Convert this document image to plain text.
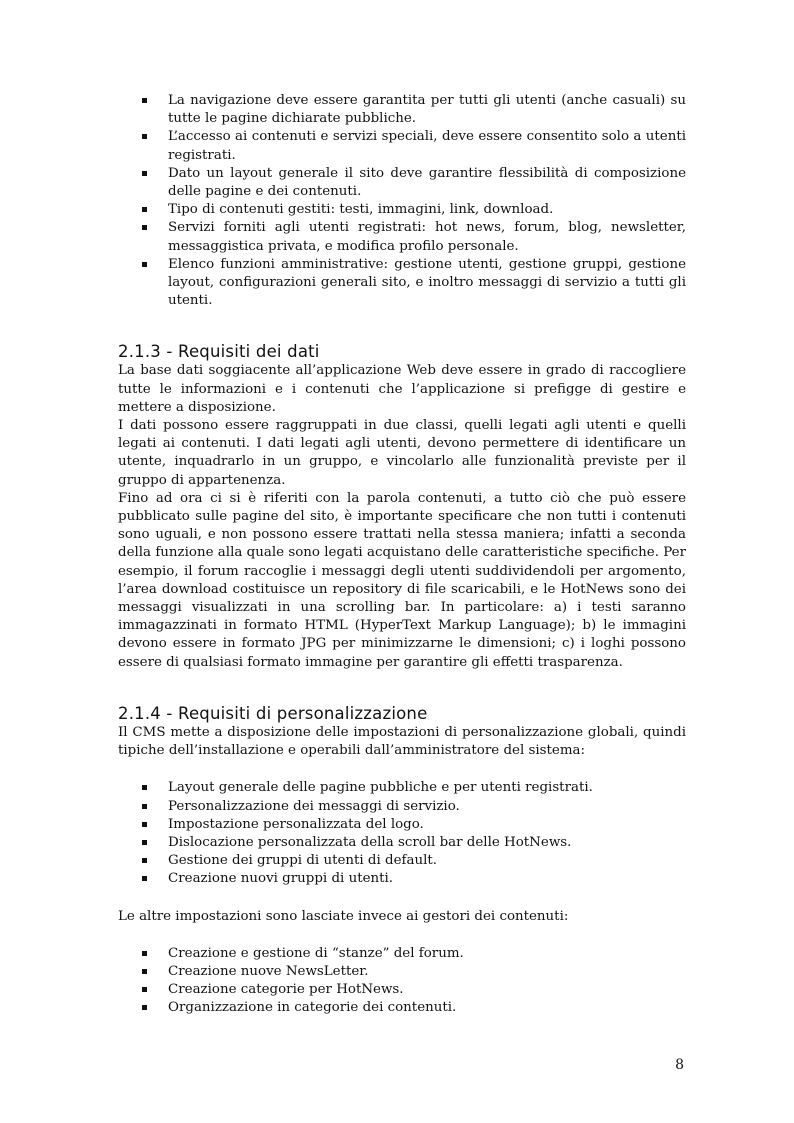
La navigazione deve essere garantita per tutti gli utenti (anche casuali) su tutte le pagine dichiarate pubbliche.
L’accesso ai contenuti e servizi speciali, deve essere consentito solo a utenti registrati.
Dato un layout generale il sito deve garantire flessibilità di composizione delle pagine e dei contenuti.
Tipo di contenuti gestiti: testi, immagini, link, download.
Servizi forniti agli utenti registrati: hot news, forum, blog, newsletter, messaggistica privata, e modifica profilo personale.
Elenco funzioni amministrative: gestione utenti, gestione gruppi, gestione layout, configurazioni generali sito, e inoltro messaggi di servizio a tutti gli utenti.
2.1.3 - Requisiti dei dati

La base dati soggiacente all’applicazione Web deve essere in grado di raccogliere tutte le informazioni e i contenuti che l’applicazione si prefigge di gestire e mettere a disposizione.

I dati possono essere raggruppati in due classi, quelli legati agli utenti e quelli legati ai contenuti. I dati legati agli utenti, devono permettere di identificare un utente, inquadrarlo in un gruppo, e vincolarlo alle funzionalità previste per il gruppo di appartenenza.

Fino ad ora ci si è riferiti con la parola contenuti, a tutto ciò che può essere pubblicato sulle pagine del sito, è importante specificare che non tutti i contenuti sono uguali, e non possono essere trattati nella stessa maniera; infatti a seconda della funzione alla quale sono legati acquistano delle caratteristiche specifiche. Per esempio, il forum raccoglie i messaggi degli utenti suddividendoli per argomento, l’area download costituisce un repository di file scaricabili, e le HotNews sono dei messaggi visualizzati in una scrolling bar. In particolare: a) i testi saranno immagazzinati in formato HTML (HyperText Markup Language); b) le immagini devono essere in formato JPG per minimizzarne le dimensioni; c) i loghi possono essere di qualsiasi formato immagine per garantire gli effetti trasparenza.

2.1.4 - Requisiti di personalizzazione

Il CMS mette a disposizione delle impostazioni di personalizzazione globali, quindi tipiche dell’installazione e operabili dall’amministratore del sistema:

Layout generale delle pagine pubbliche e per utenti registrati.
Personalizzazione dei messaggi di servizio.
Impostazione personalizzata del logo.
Dislocazione personalizzata della scroll bar delle HotNews.
Gestione dei gruppi di utenti di default.
Creazione nuovi gruppi di utenti.

Le altre impostazioni sono lasciate invece ai gestori dei contenuti:

Creazione e gestione di “stanze” del forum.
Creazione nuove NewsLetter.
Creazione categorie per HotNews.
Organizzazione in categorie dei contenuti.
8
